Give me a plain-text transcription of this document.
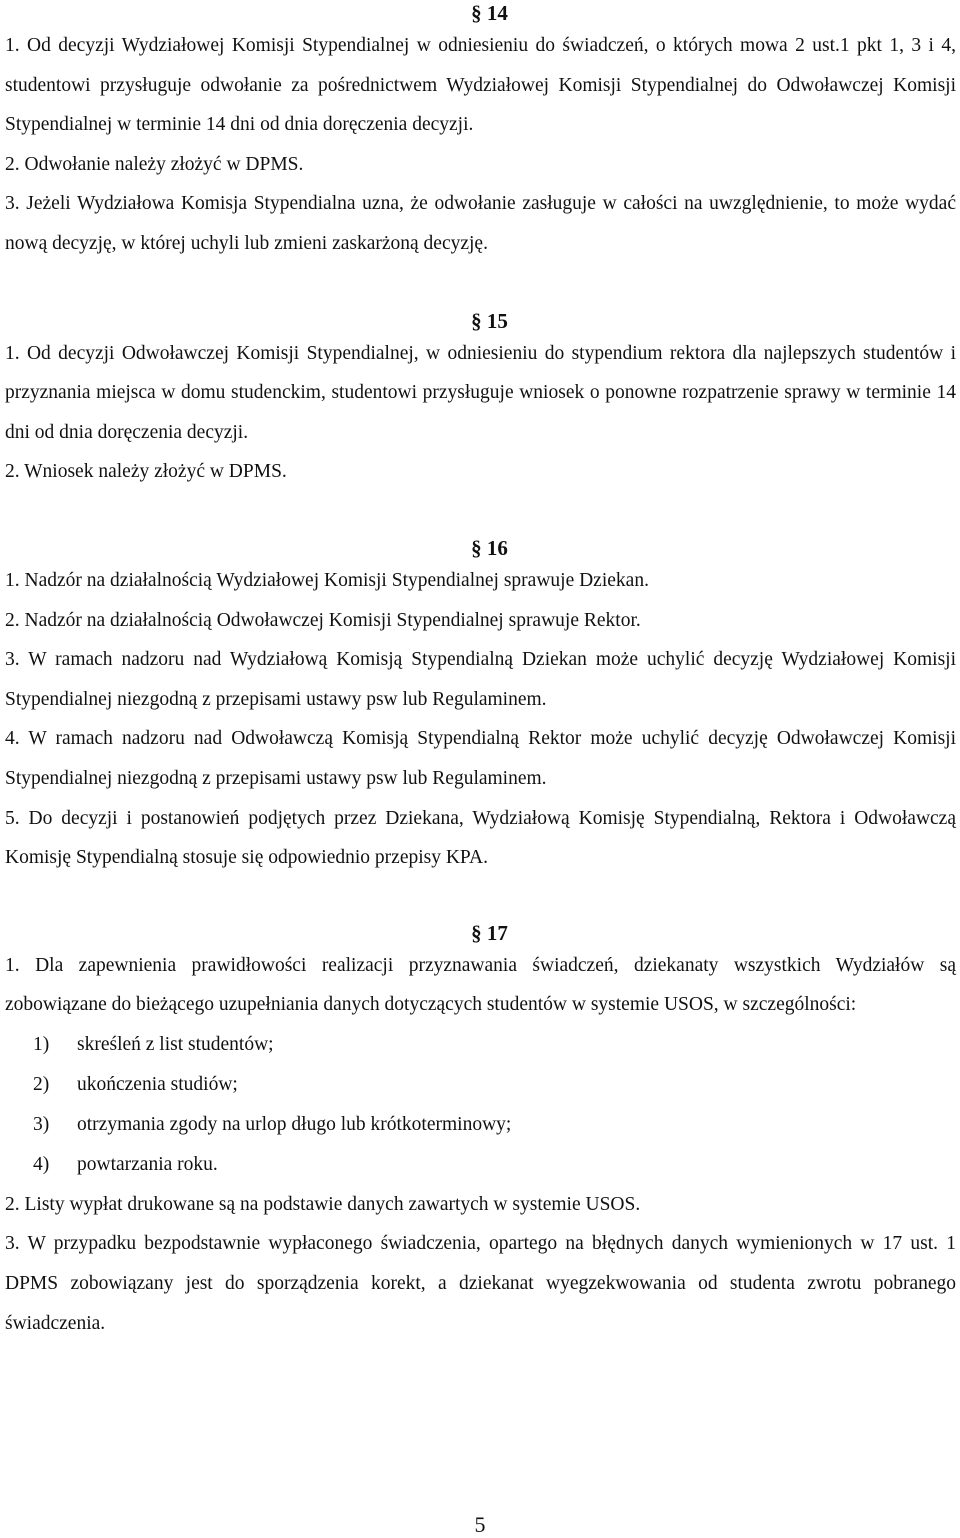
§ 14

1. Od decyzji Wydziałowej Komisji Stypendialnej w odniesieniu do świadczeń, o których mowa 2 ust.1 pkt 1, 3 i 4, studentowi przysługuje odwołanie za pośrednictwem Wydziałowej Komisji Stypendialnej do Odwoławczej Komisji Stypendialnej w terminie 14 dni od dnia doręczenia decyzji.

2. Odwołanie należy złożyć w DPMS.

3. Jeżeli Wydziałowa Komisja Stypendialna uzna, że odwołanie zasługuje w całości na uwzględnienie, to może wydać nową decyzję, w której uchyli lub zmieni zaskarżoną decyzję.

§ 15

1. Od decyzji Odwoławczej Komisji Stypendialnej, w odniesieniu do stypendium rektora dla najlepszych studentów i przyznania miejsca w domu studenckim, studentowi przysługuje wniosek o ponowne rozpatrzenie sprawy w terminie 14 dni od dnia doręczenia decyzji.

2. Wniosek należy złożyć w DPMS.

§ 16

1. Nadzór na działalnością Wydziałowej Komisji Stypendialnej sprawuje Dziekan.

2. Nadzór na działalnością Odwoławczej Komisji Stypendialnej sprawuje Rektor.

3. W ramach nadzoru nad Wydziałową Komisją Stypendialną Dziekan może uchylić decyzję Wydziałowej Komisji Stypendialnej niezgodną z przepisami ustawy psw lub Regulaminem.

4. W ramach nadzoru nad Odwoławczą Komisją Stypendialną Rektor może uchylić decyzję Odwoławczej Komisji Stypendialnej niezgodną z przepisami ustawy psw lub Regulaminem.

5. Do decyzji i postanowień podjętych przez Dziekana, Wydziałową Komisję Stypendialną, Rektora i Odwoławczą Komisję Stypendialną stosuje się odpowiednio przepisy KPA.

§ 17

1. Dla zapewnienia prawidłowości realizacji przyznawania świadczeń, dziekanaty wszystkich Wydziałów są zobowiązane do bieżącego uzupełniania danych dotyczących studentów w systemie USOS, w szczególności:

1)	skreśleń z list studentów;
2)	ukończenia studiów;
3)	otrzymania zgody na urlop długo lub krótkoterminowy;
4)	powtarzania roku.

2. Listy wypłat drukowane są na podstawie danych zawartych w systemie USOS.

3. W przypadku bezpodstawnie wypłaconego świadczenia, opartego na błędnych danych wymienionych w 17 ust. 1 DPMS zobowiązany jest do sporządzenia korekt, a dziekanat wyegzekwowania od studenta zwrotu pobranego świadczenia.

5
